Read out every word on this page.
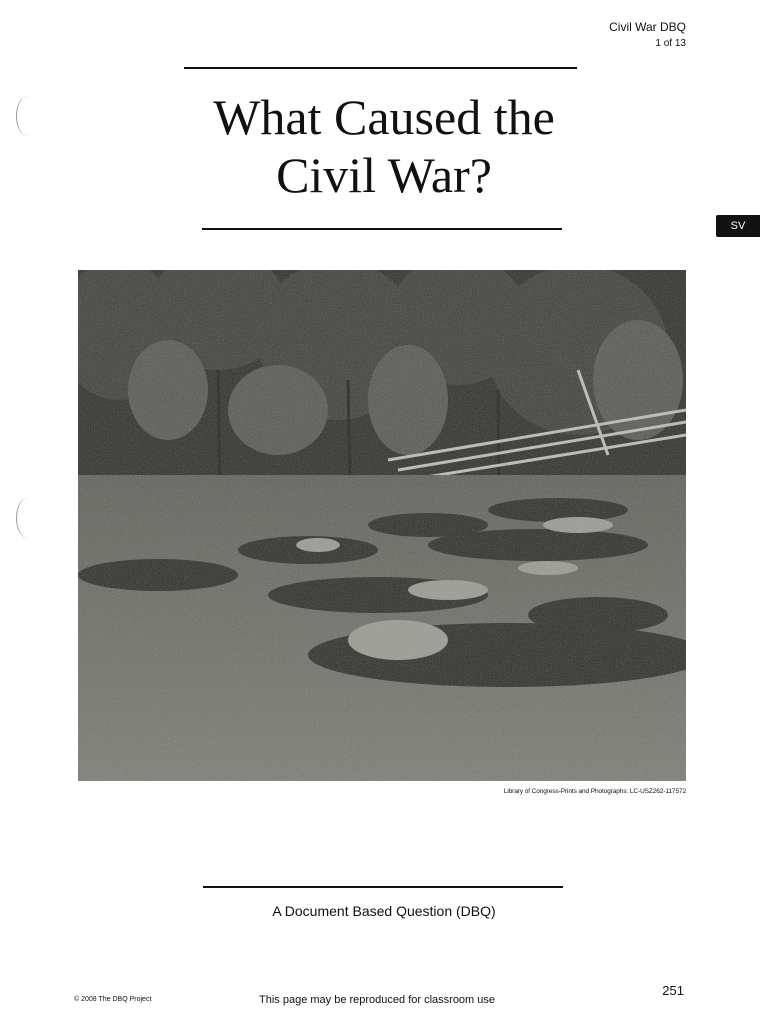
Civil War DBQ
1 of 13
What Caused the
Civil War?
SV
Library of Congress-Prints and Photographs: LC-USZ262-117572
A Document Based Question (DBQ)
© 2008 The DBQ Project	This page may be reproduced for classroom use
251
